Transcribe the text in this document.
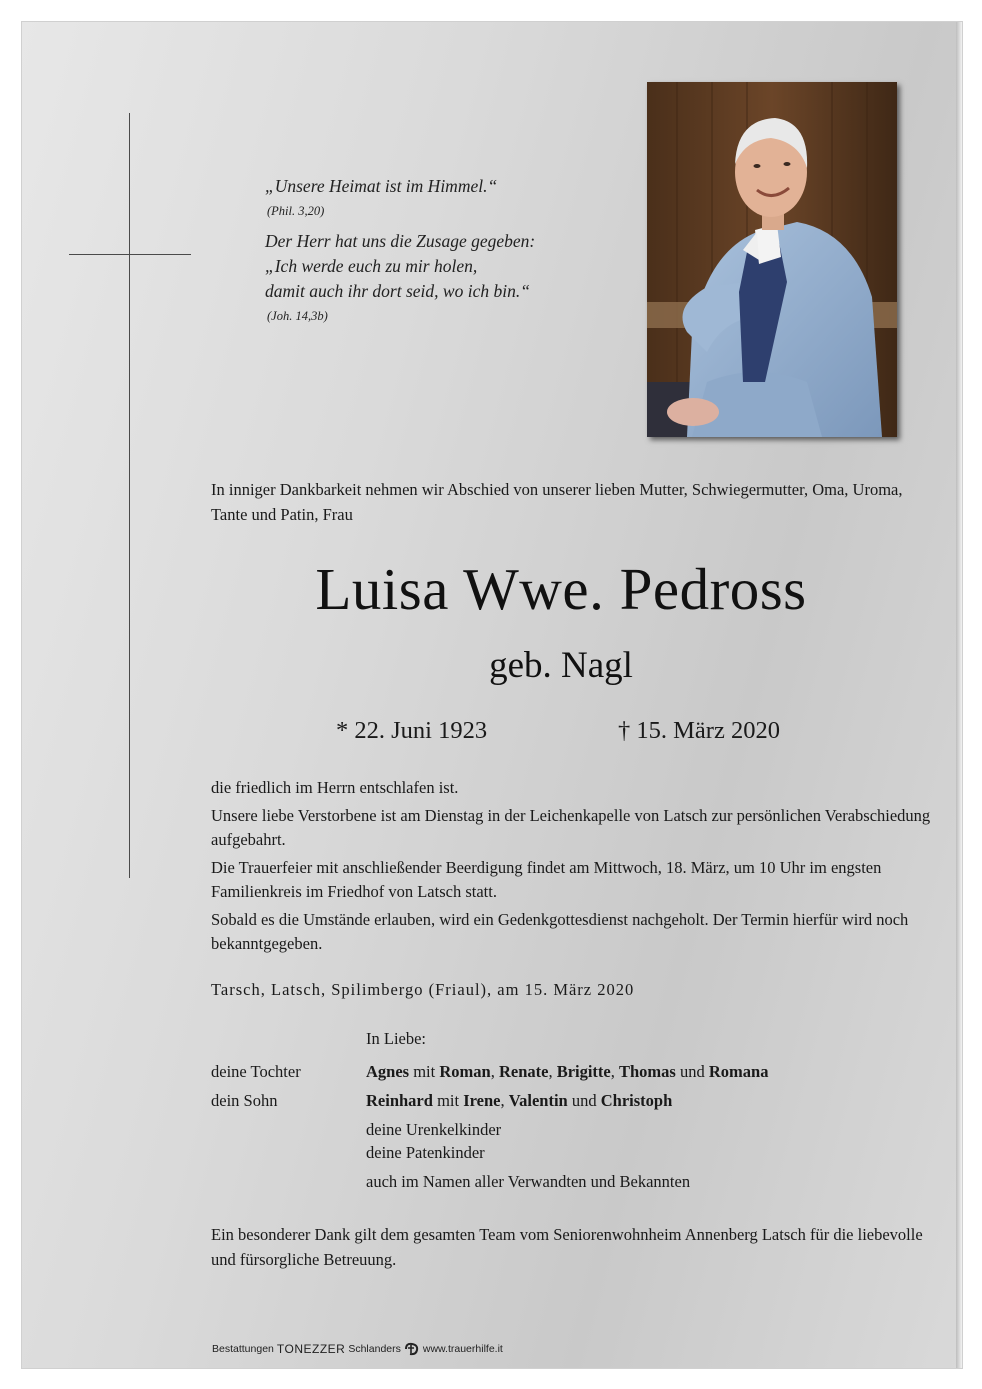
„Unsere Heimat ist im Himmel.“
(Phil. 3,20)
Der Herr hat uns die Zusage gegeben:
„Ich werde euch zu mir holen,
damit auch ihr dort seid, wo ich bin.“
(Joh. 14,3b)
In inniger Dankbarkeit nehmen wir Abschied von unserer lieben Mutter, Schwiegermutter, Oma, Uroma, Tante und Patin, Frau
Luisa Wwe. Pedross
geb. Nagl
* 22. Juni 1923	† 15. März 2020

die friedlich im Herrn entschlafen ist.

Unsere liebe Verstorbene ist am Dienstag in der Leichenkapelle von Latsch zur persönlichen Verabschiedung aufgebahrt.

Die Trauerfeier mit anschließender Beerdigung findet am Mittwoch, 18. März, um 10 Uhr im engsten Familienkreis im Friedhof von Latsch statt.

Sobald es die Umstände erlauben, wird ein Gedenkgottesdienst nachgeholt. Der Termin hierfür wird noch bekanntgegeben.

Tarsch, Latsch, Spilimbergo (Friaul), am 15. März 2020
In Liebe:
deine Tochter	Agnes mit Roman, Renate, Brigitte, Thomas und Romana
dein Sohn	Reinhard mit Irene, Valentin und Christoph
deine Urenkelkinder
deine Patenkinder
auch im Namen aller Verwandten und Bekannten
Ein besonderer Dank gilt dem gesamten Team vom Seniorenwohnheim Annenberg Latsch für die liebevolle und fürsorgliche Betreuung.
Bestattungen TONEZZER Schlanders www.trauerhilfe.it
